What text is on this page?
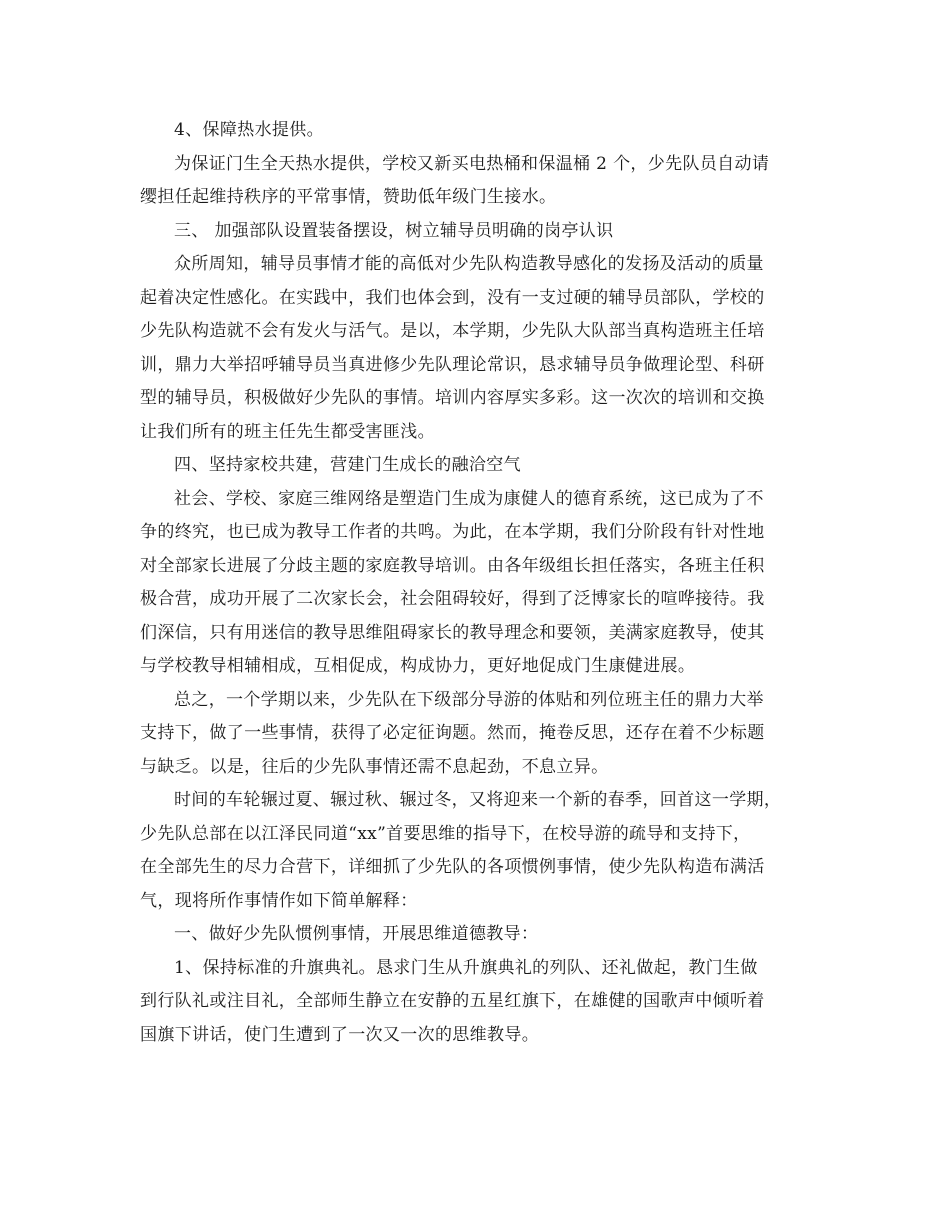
4、保障热水提供。
为保证门生全天热水提供，学校又新买电热桶和保温桶 2 个，少先队员自动请
缨担任起维持秩序的平常事情，赞助低年级门生接水。
三、 加强部队设置装备摆设，树立辅导员明确的岗亭认识
众所周知，辅导员事情才能的高低对少先队构造教导感化的发扬及活动的质量
起着决定性感化。在实践中，我们也体会到，没有一支过硬的辅导员部队，学校的
少先队构造就不会有发火与活气。是以，本学期，少先队大队部当真构造班主任培
训，鼎力大举招呼辅导员当真进修少先队理论常识，恳求辅导员争做理论型、科研
型的辅导员，积极做好少先队的事情。培训内容厚实多彩。这一次次的培训和交换
让我们所有的班主任先生都受害匪浅。
四、坚持家校共建，营建门生成长的融洽空气
社会、学校、家庭三维网络是塑造门生成为康健人的德育系统，这已成为了不
争的终究，也已成为教导工作者的共鸣。为此，在本学期，我们分阶段有针对性地
对全部家长进展了分歧主题的家庭教导培训。由各年级组长担任落实，各班主任积
极合营，成功开展了二次家长会，社会阻碍较好，得到了泛博家长的喧哗接待。我
们深信，只有用迷信的教导思维阻碍家长的教导理念和要领，美满家庭教导，使其
与学校教导相辅相成，互相促成，构成协力，更好地促成门生康健进展。
总之，一个学期以来，少先队在下级部分导游的体贴和列位班主任的鼎力大举
支持下，做了一些事情，获得了必定征询题。然而，掩卷反思，还存在着不少标题
与缺乏。以是，往后的少先队事情还需不息起劲，不息立异。
时间的车轮辗过夏、辗过秋、辗过冬，又将迎来一个新的春季，回首这一学期，
少先队总部在以江泽民同道“xx”首要思维的指导下，在校导游的疏导和支持下，
在全部先生的尽力合营下，详细抓了少先队的各项惯例事情，使少先队构造布满活
气，现将所作事情作如下简单解释：
一、做好少先队惯例事情，开展思维道德教导：
1、保持标准的升旗典礼。恳求门生从升旗典礼的列队、还礼做起，教门生做
到行队礼或注目礼，全部师生静立在安静的五星红旗下，在雄健的国歌声中倾听着
国旗下讲话，使门生遭到了一次又一次的思维教导。
